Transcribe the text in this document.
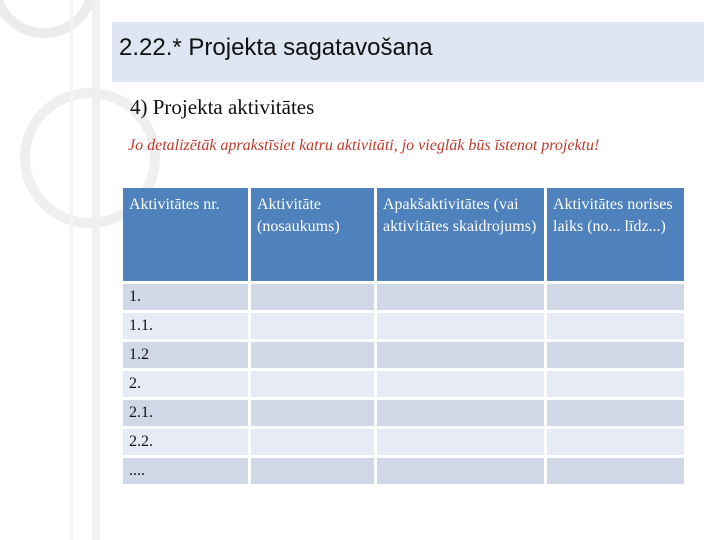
2.22.* Projekta sagatavošana
4) Projekta aktivitātes
Jo detalizētāk aprakstīsiet katru aktivitāti, jo vieglāk būs īstenot projektu!
Aktivitātes nr.	Aktivitāte (nosaukums)	Apakšaktivitātes (vai aktivitātes skaidrojums)	Aktivitātes norises laiks (no... līdz...)
1.			
1.1.			
1.2			
2.			
2.1.			
2.2.			
....			
